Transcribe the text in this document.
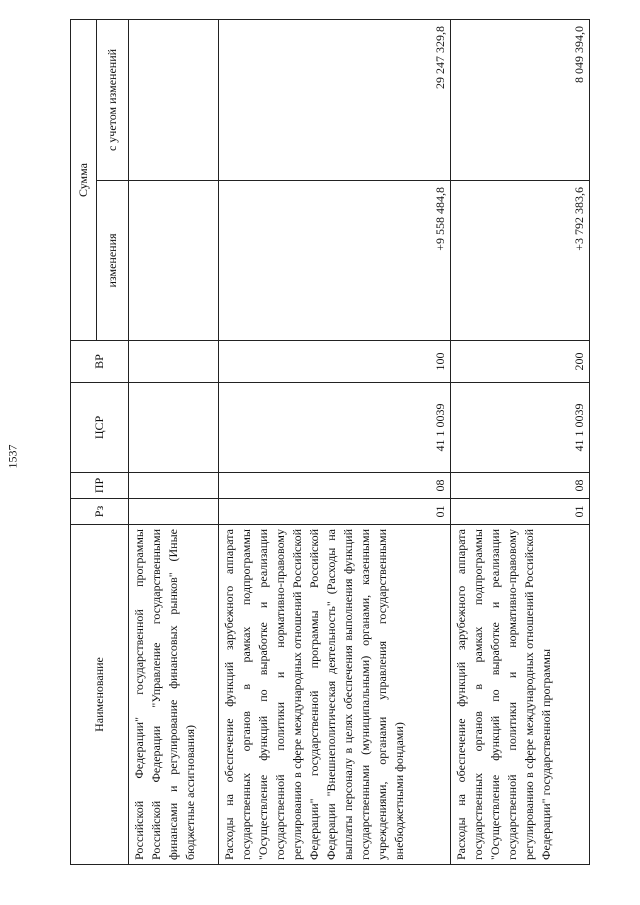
1537
Наименование	Рз	ПР	ЦСР	ВР	Сумма	
					изменения	с учетом изменений
Российской Федерации" государственной программы Российской Федерации "Управление государственными финансами и регулирование финансовых рынков" (Иные бюджетные ассигнования)						
Расходы на обеспечение функций зарубежного аппарата государственных органов в рамках подпрограммы "Осуществление функций по выработке и реализации государственной политики и нормативно-правовому регулированию в сфере международных отношений Российской Федерации" государственной программы Российской Федерации "Внешнеполитическая деятельность" (Расходы на выплаты персоналу в целях обеспечения выполнения функций государственными (муниципальными) органами, казенными учреждениями, органами управления государственными внебюджетными фондами)	01	08	41 1 0039	100	+9 558 484,8	29 247 329,8
Расходы на обеспечение функций зарубежного аппарата государственных органов в рамках подпрограммы "Осуществление функций по выработке и реализации государственной политики и нормативно-правовому регулированию в сфере международных отношений Российской Федерации" государственной программы	01	08	41 1 0039	200	+3 792 383,6	8 049 394,0
